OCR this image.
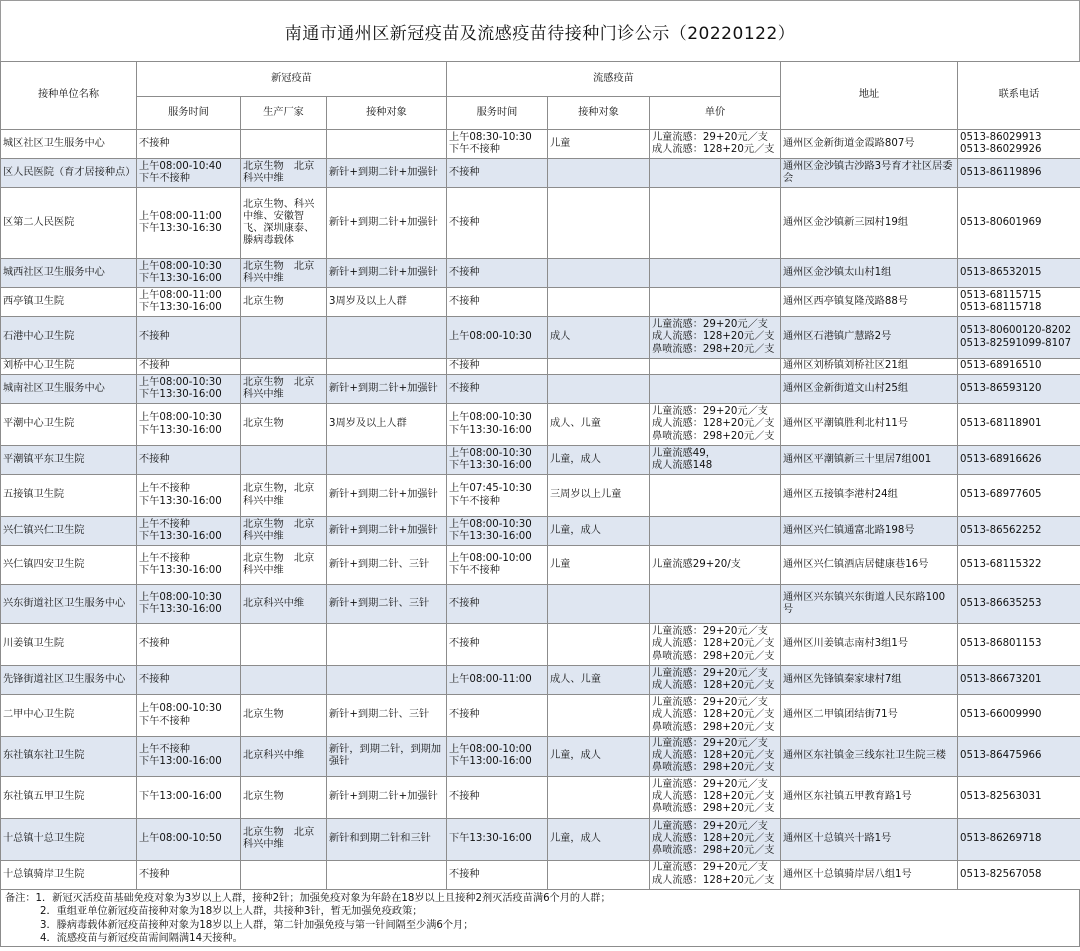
南通市通州区新冠疫苗及流感疫苗待接种门诊公示（20220122）
接种单位名称	新冠疫苗			流感疫苗			地址	联系电话
	服务时间	生产厂家	接种对象	服务时间	接种对象	单价		
城区社区卫生服务中心	不接种			上午08:30-10:30
下午不接种	儿童	儿童流感：29+20元／支
成人流感：128+20元／支	通州区金新街道金霞路807号	0513-86029913
0513-86029926
区人民医院（育才居接种点）	上午08:00-10:40
下午不接种	北京生物　北京科兴中维	新针+到期二针+加强针	不接种			通州区金沙镇古沙路3号育才社区居委会	0513-86119896
区第二人民医院	上午08:00-11:00
下午13:30-16:30	北京生物、科兴中维、安徽智飞、深圳康泰、滕病毒载体	新针+到期二针+加强针	不接种			通州区金沙镇新三园村19组	0513-80601969
城西社区卫生服务中心	上午08:00-10:30
下午13:30-16:00	北京生物　北京科兴中维	新针+到期二针+加强针	不接种			通州区金沙镇太山村1组	0513-86532015
西亭镇卫生院	上午08:00-11:00
下午13:30-16:00	北京生物	3周岁及以上人群	不接种			通州区西亭镇复隆茂路88号	0513-68115715
0513-68115718
石港中心卫生院	不接种			上午08:00-10:30	成人	儿童流感：29+20元／支
成人流感：128+20元／支
鼻喷流感：298+20元／支	通州区石港镇广慧路2号	0513-80600120-8202
0513-82591099-8107
刘桥中心卫生院	不接种			不接种			通州区刘桥镇刘桥社区21组	0513-68916510
城南社区卫生服务中心	上午08:00-10:30
下午13:30-16:00	北京生物　北京科兴中维	新针+到期二针+加强针	不接种			通州区金新街道文山村25组	0513-86593120
平潮中心卫生院	上午08:00-10:30
下午13:30-16:00	北京生物	3周岁及以上人群	上午08:00-10:30
下午13:30-16:00	成人、儿童	儿童流感：29+20元／支
成人流感：128+20元／支
鼻喷流感：298+20元／支	通州区平潮镇胜利北村11号	0513-68118901
平潮镇平东卫生院	不接种			上午08:00-10:30
下午13:30-16:00	儿童，成人	儿童流感49，
成人流感148	通州区平潮镇新三十里居7组001	0513-68916626
五接镇卫生院	上午不接种
下午13:30-16:00	北京生物，北京科兴中维	新针+到期二针+加强针	上午07:45-10:30
下午不接种	三周岁以上儿童		通州区五接镇李港村24组	0513-68977605
兴仁镇兴仁卫生院	上午不接种
下午13:30-16:00	北京生物　北京科兴中维	新针+到期二针+加强针	上午08:00-10:30
下午13:30-16:00	儿童，成人		通州区兴仁镇通富北路198号	0513-86562252
兴仁镇四安卫生院	上午不接种
下午13:30-16:00	北京生物　北京科兴中维	新针+到期二针、三针	上午08:00-10:00
下午不接种	儿童	儿童流感29+20/支	通州区兴仁镇酒店居健康巷16号	0513-68115322
兴东街道社区卫生服务中心	上午08:00-10:30
下午13:30-16:00	北京科兴中维	新针+到期二针、三针	不接种			通州区兴东镇兴东街道人民东路100号	0513-86635253
川姜镇卫生院	不接种			不接种		儿童流感：29+20元／支
成人流感：128+20元／支
鼻喷流感：298+20元／支	通州区川姜镇志南村3组1号	0513-86801153
先锋街道社区卫生服务中心	不接种			上午08:00-11:00	成人、儿童	儿童流感：29+20元／支
成人流感：128+20元／支	通州区先锋镇秦家埭村7组	0513-86673201
二甲中心卫生院	上午08:00-10:30
下午不接种	北京生物	新针+到期二针、三针	不接种		儿童流感：29+20元／支
成人流感：128+20元／支
鼻喷流感：298+20元／支	通州区二甲镇团结街71号	0513-66009990
东社镇东社卫生院	上午不接种
下午13:00-16:00	北京科兴中维	新针，到期二针，到期加强针	上午08:00-10:00
下午13:00-16:00	儿童，成人	儿童流感：29+20元／支
成人流感：128+20元／支
鼻喷流感：298+20元／支	通州区东社镇金三线东社卫生院三楼	0513-86475966
东社镇五甲卫生院	下午13:00-16:00	北京生物	新针+到期二针+加强针	不接种		儿童流感：29+20元／支
成人流感：128+20元／支
鼻喷流感：298+20元／支	通州区东社镇五甲教育路1号	0513-82563031
十总镇十总卫生院	上午08:00-10:50	北京生物　北京科兴中维	新针和到期二针和三针	下午13:30-16:00	儿童，成人	儿童流感：29+20元／支
成人流感：128+20元／支
鼻喷流感：298+20元／支	通州区十总镇兴十路1号	0513-86269718
十总镇骑岸卫生院	不接种			不接种		儿童流感：29+20元／支
成人流感：128+20元／支	通州区十总镇骑岸居八组1号	0513-82567058
备注：1．新冠灭活疫苗基础免疫对象为3岁以上人群，接种2针；加强免疫对象为年龄在18岁以上且接种2剂灭活疫苗满6个月的人群；
2．重组亚单位新冠疫苗接种对象为18岁以上人群，共接种3针，暂无加强免疫政策；
3．滕病毒载体新冠疫苗接种对象为18岁以上人群，第二针加强免疫与第一针间隔至少满6个月；
4．流感疫苗与新冠疫苗需间隔满14天接种。
